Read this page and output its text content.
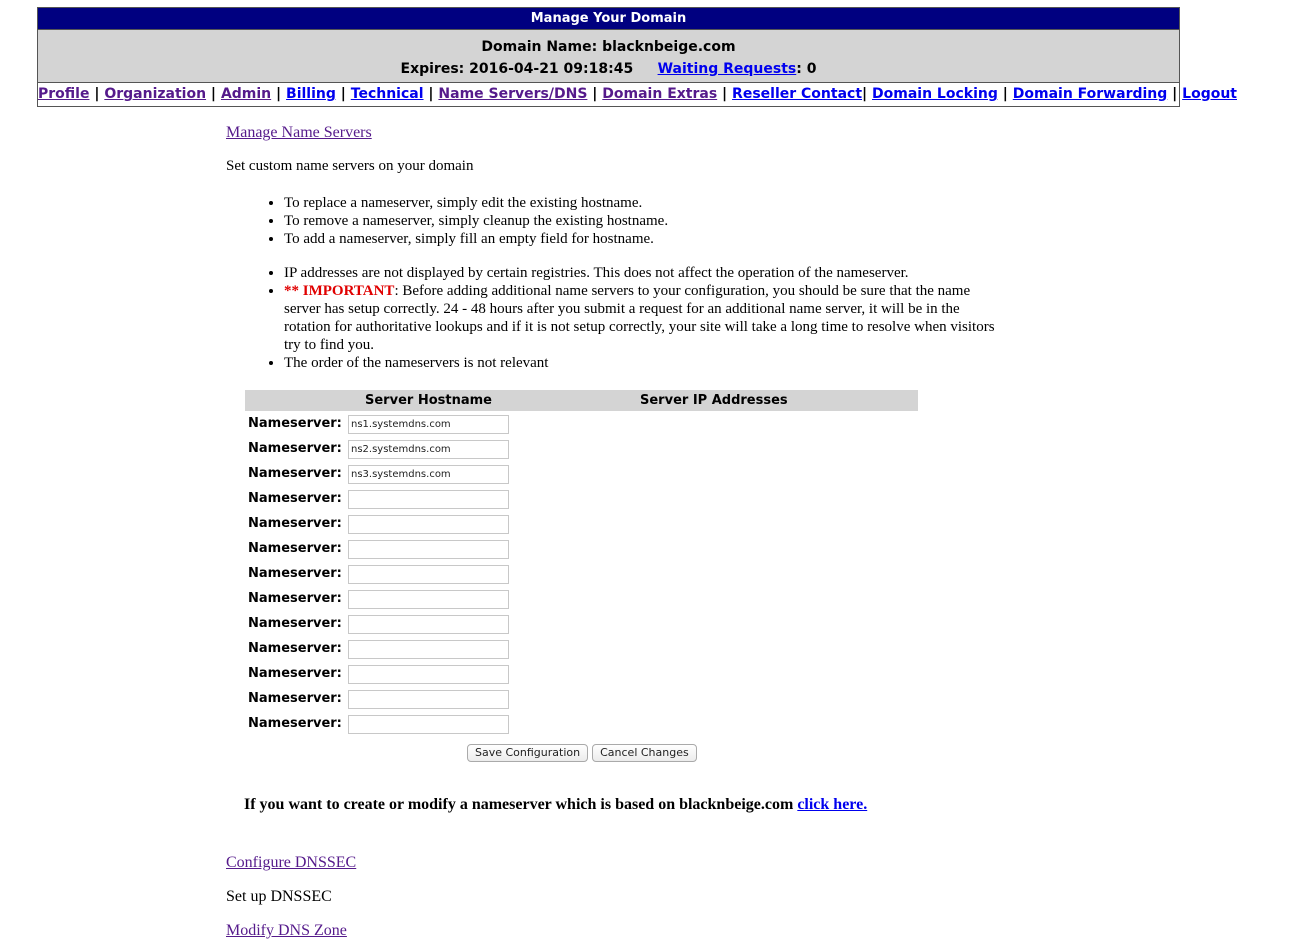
Manage Your Domain
Domain Name: blacknbeige.com
Expires: 2016-04-21 09:18:45 Waiting Requests: 0
Profile | Organization | Admin | Billing | Technical | Name Servers/DNS | Domain Extras | Reseller Contact| Domain Locking | Domain Forwarding | Logout
Manage Name Servers

Set custom name servers on your domain

• To replace a nameserver, simply edit the existing hostname.
• To remove a nameserver, simply cleanup the existing hostname.
• To add a nameserver, simply fill an empty field for hostname.
• IP addresses are not displayed by certain registries. This does not affect the operation of the nameserver.
• ** IMPORTANT: Before adding additional name servers to your configuration, you should be sure that the name server has setup correctly. 24 - 48 hours after you submit a request for an additional name server, it will be in the rotation for authoritative lookups and if it is not setup correctly, your site will take a long time to resolve when visitors try to find you.
• The order of the nameservers is not relevant
Server Hostname	Server IP Addresses
Nameserver:
ns1.systemdns.com
Nameserver:
ns2.systemdns.com
Nameserver:
ns3.systemdns.com
Nameserver:
Nameserver:
Nameserver:
Nameserver:
Nameserver:
Nameserver:
Nameserver:
Nameserver:
Nameserver:
Nameserver:
Save Configuration Cancel Changes
If you want to create or modify a nameserver which is based on blacknbeige.com click here.
Configure DNSSEC
Set up DNSSEC
Modify DNS Zone
